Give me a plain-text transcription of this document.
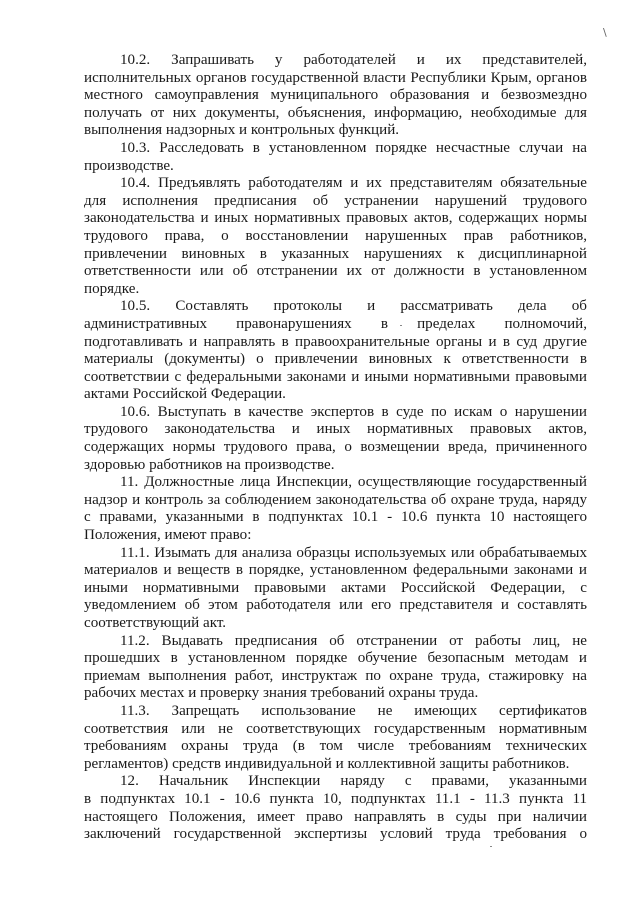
\

10.2. Запрашивать у работодателей и их представителей,

исполнительных органов государственной власти Республики Крым, органов

местного самоуправления муниципального образования и безвозмездно

получать от них документы, объяснения, информацию, необходимые для

выполнения надзорных и контрольных функций.

10.3. Расследовать в установленном порядке несчастные случаи на

производстве.

10.4. Предъявлять работодателям и их представителям обязательные

для исполнения предписания об устранении нарушений трудового

законодательства и иных нормативных правовых актов, содержащих нормы

трудового права, о восстановлении нарушенных прав работников,

привлечении виновных в указанных нарушениях к дисциплинарной

ответственности или об отстранении их от должности в установленном

порядке.

10.5. Составлять протоколы и рассматривать дела об

административных правонарушениях в пределах полномочий,

подготавливать и направлять в правоохранительные органы и в суд другие

материалы (документы) о привлечении виновных к ответственности в

соответствии с федеральными законами и иными нормативными правовыми

актами Российской Федерации.

10.6. Выступать в качестве экспертов в суде по искам о нарушении

трудового законодательства и иных нормативных правовых актов,

содержащих нормы трудового права, о возмещении вреда, причиненного

здоровью работников на производстве.

11. Должностные лица Инспекции, осуществляющие государственный

надзор и контроль за соблюдением законодательства об охране труда, наряду

с правами, указанными в подпунктах 10.1 - 10.6 пункта 10 настоящего

Положения, имеют право:

11.1. Изымать для анализа образцы используемых или обрабатываемых

материалов и веществ в порядке, установленном федеральными законами и

иными нормативными правовыми актами Российской Федерации, с

уведомлением об этом работодателя или его представителя и составлять

соответствующий акт.

11.2. Выдавать предписания об отстранении от работы лиц, не

прошедших в установленном порядке обучение безопасным методам и

приемам выполнения работ, инструктаж по охране труда, стажировку на

рабочих местах и проверку знания требований охраны труда.

11.3. Запрещать использование не имеющих сертификатов

соответствия или не соответствующих государственным нормативным

требованиям охраны труда (в том числе требованиям технических

регламентов) средств индивидуальной и коллективной защиты работников.

12. Начальник Инспекции наряду с правами, указанными

в подпунктах 10.1 - 10.6 пункта 10, подпунктах 11.1 - 11.3 пункта 11

настоящего Положения, имеет право направлять в суды при наличии

заключений государственной экспертизы условий труда требования о
